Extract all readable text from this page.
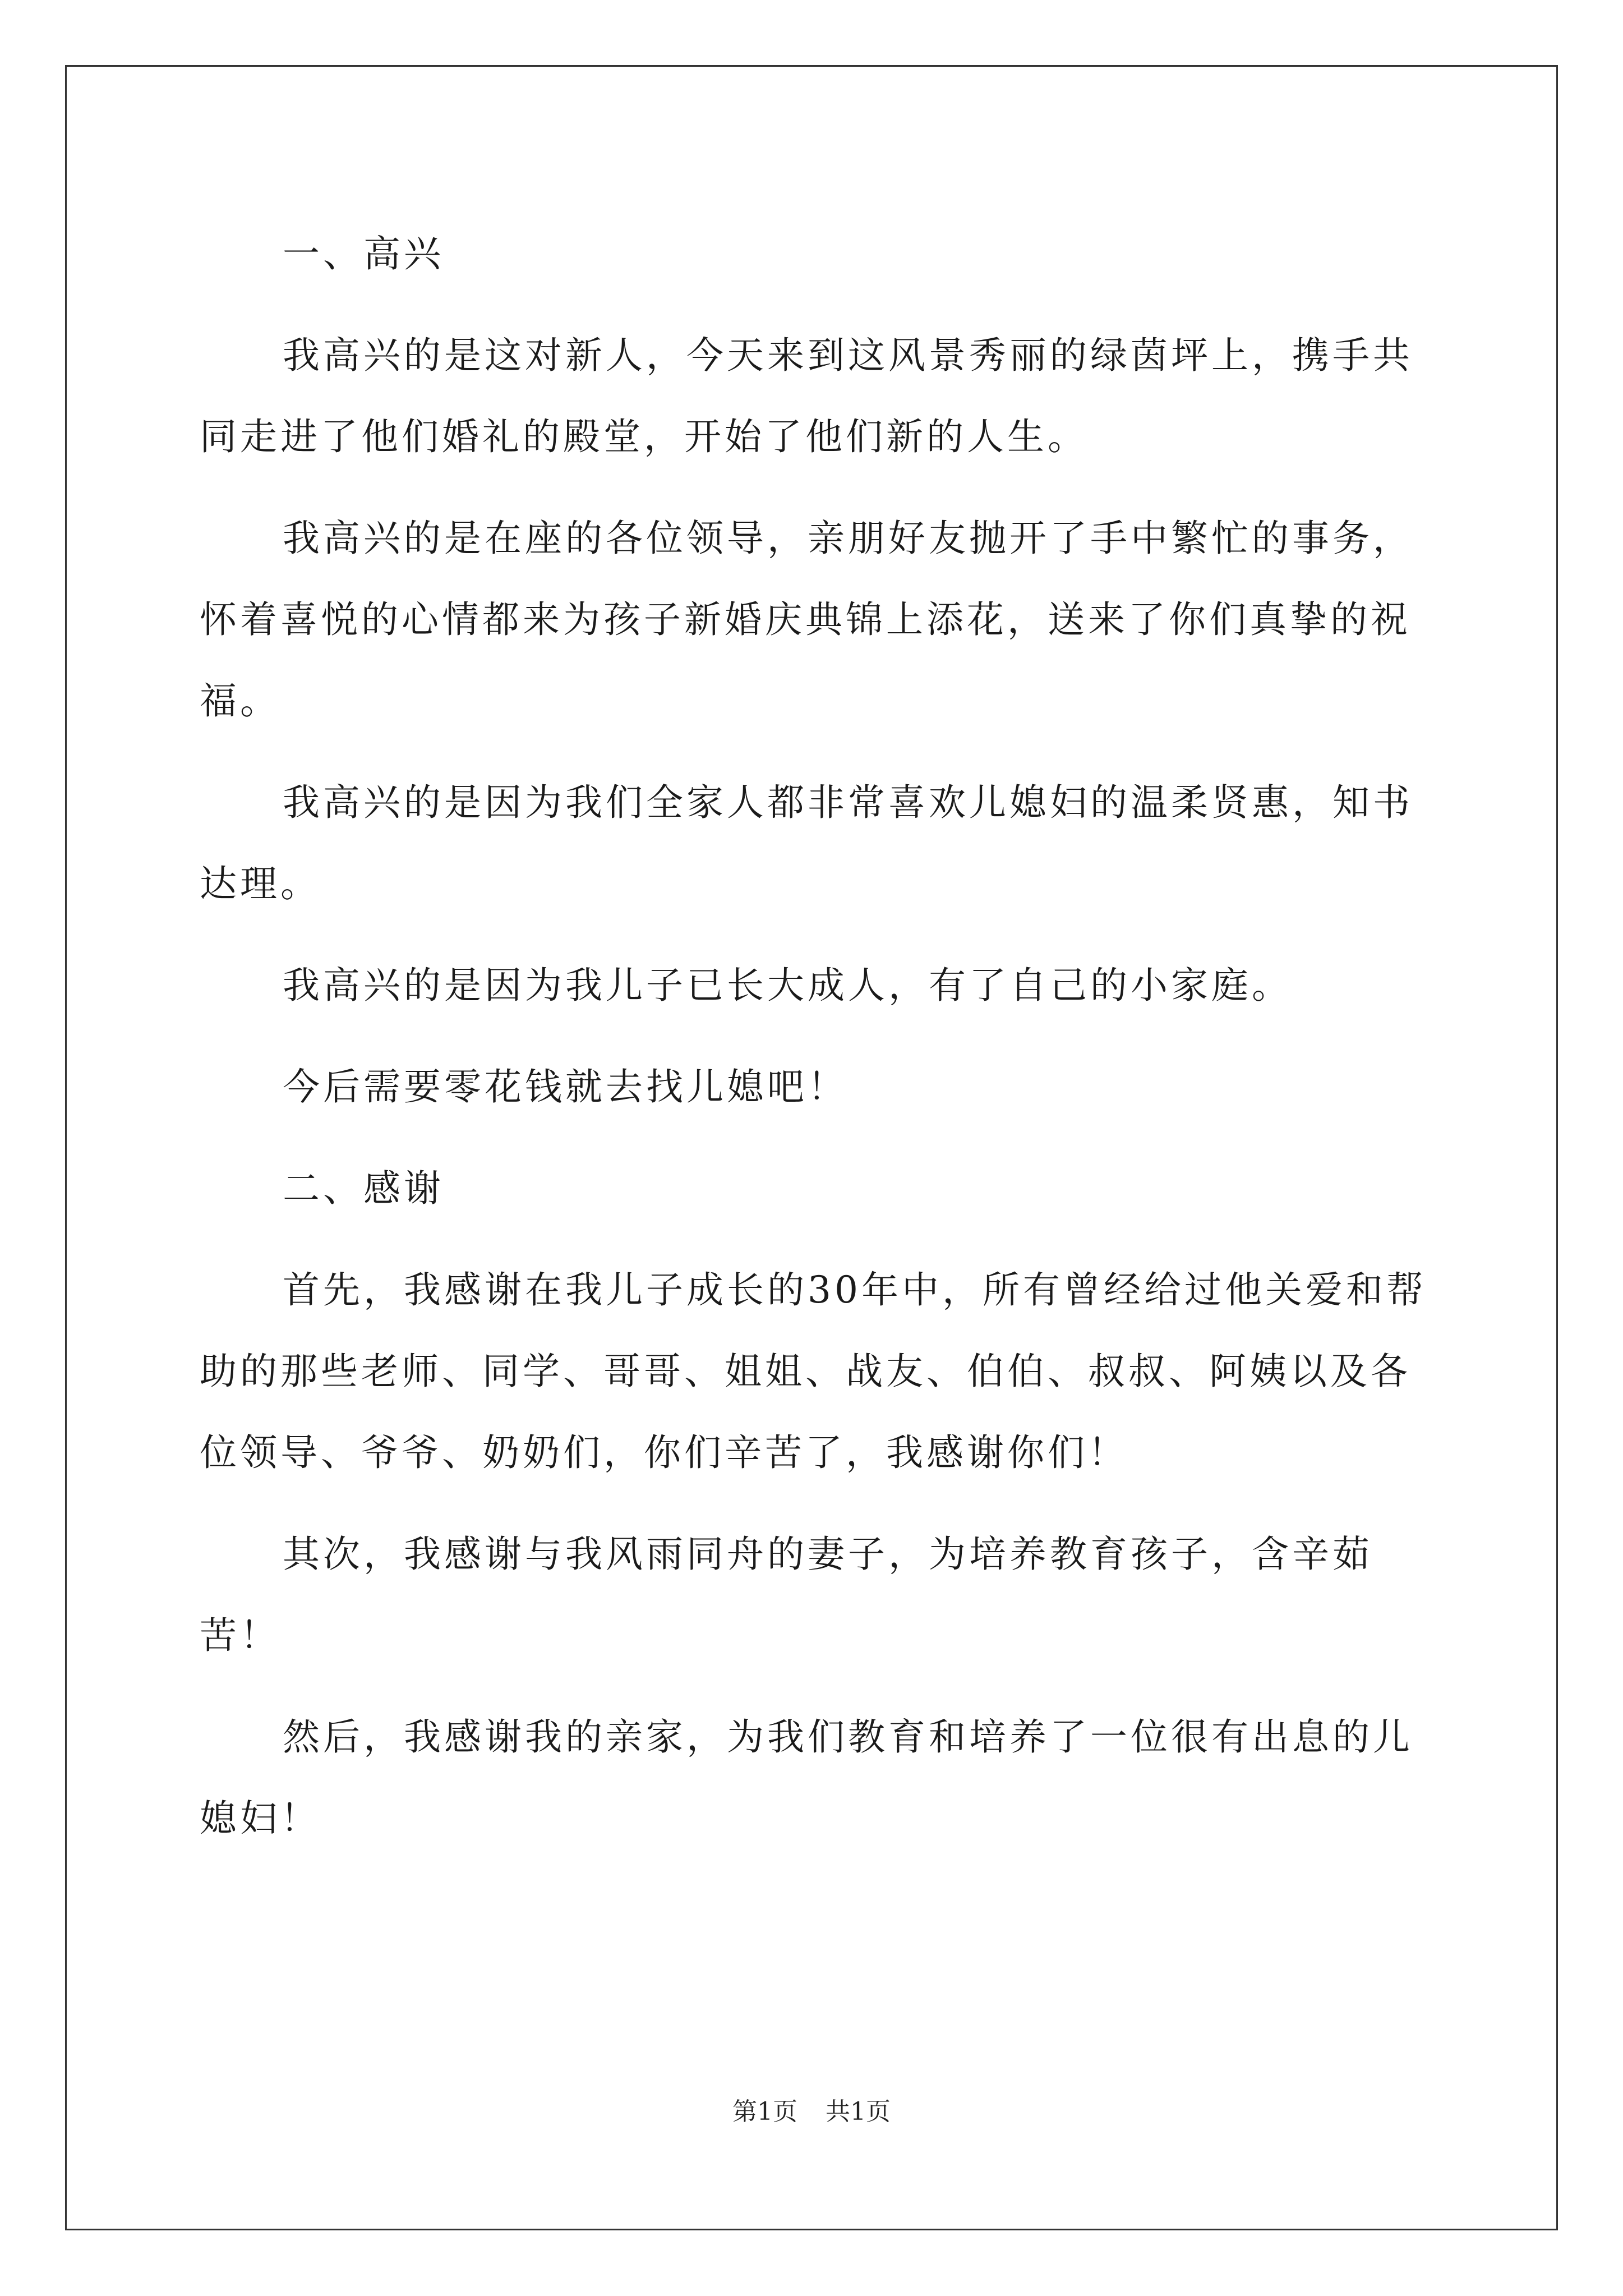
一、高兴

我高兴的是这对新人，今天来到这风景秀丽的绿茵坪上，携手共同走进了他们婚礼的殿堂，开始了他们新的人生。

我高兴的是在座的各位领导，亲朋好友抛开了手中繁忙的事务，怀着喜悦的心情都来为孩子新婚庆典锦上添花，送来了你们真挚的祝福。

我高兴的是因为我们全家人都非常喜欢儿媳妇的温柔贤惠，知书达理。

我高兴的是因为我儿子已长大成人，有了自己的小家庭。

今后需要零花钱就去找儿媳吧！

二、感谢

首先，我感谢在我儿子成长的30年中，所有曾经给过他关爱和帮助的那些老师、同学、哥哥、姐姐、战友、伯伯、叔叔、阿姨以及各位领导、爷爷、奶奶们，你们辛苦了，我感谢你们！

其次，我感谢与我风雨同舟的妻子，为培养教育孩子，含辛茹苦！

然后，我感谢我的亲家，为我们教育和培养了一位很有出息的儿媳妇！

第1页 共1页
